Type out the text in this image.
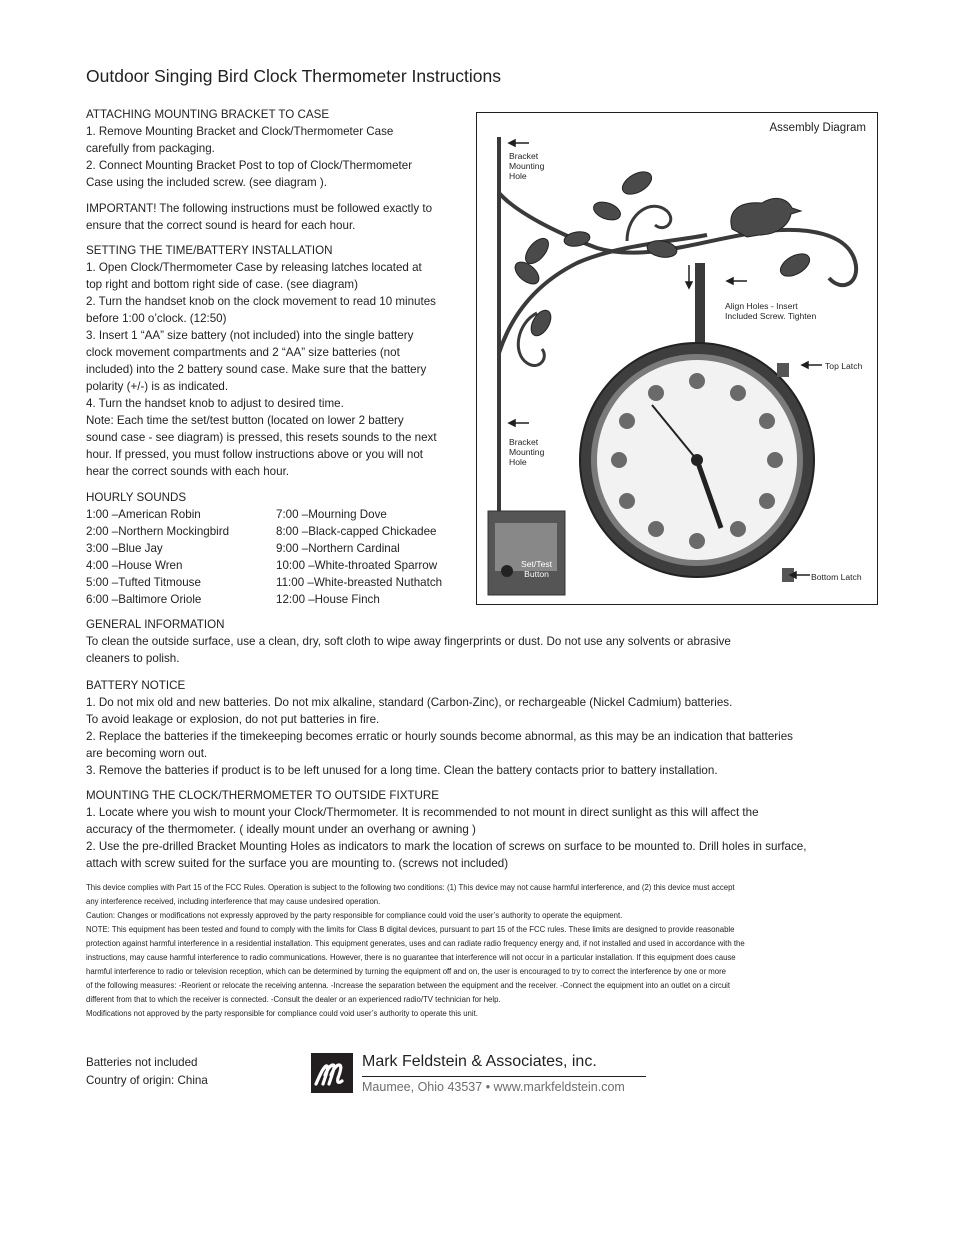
Outdoor Singing Bird Clock Thermometer Instructions
ATTACHING MOUNTING BRACKET TO CASE

1. Remove Mounting Bracket and Clock/Thermometer Case

carefully from packaging.

2. Connect Mounting Bracket Post to top of Clock/Thermometer

Case using the included screw. (see diagram ).

IMPORTANT! The following instructions must be followed exactly to

ensure that the correct sound is heard for each hour.

SETTING THE TIME/BATTERY INSTALLATION

1. Open Clock/Thermometer Case by releasing latches located at

top right and bottom right side of case. (see diagram)

2. Turn the handset knob on the clock movement to read 10 minutes

before 1:00 o’clock. (12:50)

3. Insert 1 “AA” size battery (not included) into the single battery

clock movement compartments and 2 “AA” size batteries (not

included) into the 2 battery sound case. Make sure that the battery

polarity (+/-) is as indicated.

4. Turn the handset knob to adjust to desired time.

Note: Each time the set/test button (located on lower 2 battery

sound case - see diagram) is pressed, this resets sounds to the next

hour. If pressed, you must follow instructions above or you will not

hear the correct sounds with each hour.

HOURLY SOUNDS

1:00 –American Robin

2:00 –Northern Mockingbird

3:00 –Blue Jay

4:00 –House Wren

5:00 –Tufted Titmouse

6:00 –Baltimore Oriole

7:00 –Mourning Dove

8:00 –Black-capped Chickadee

9:00 –Northern Cardinal

10:00 –White-throated Sparrow

11:00 –White-breasted Nuthatch

12:00 –House Finch

GENERAL INFORMATION

To clean the outside surface, use a clean, dry, soft cloth to wipe away fingerprints or dust. Do not use any solvents or abrasive

cleaners to polish.

BATTERY NOTICE

1. Do not mix old and new batteries. Do not mix alkaline, standard (Carbon-Zinc), or rechargeable (Nickel Cadmium) batteries.

To avoid leakage or explosion, do not put batteries in fire.

2. Replace the batteries if the timekeeping becomes erratic or hourly sounds become abnormal, as this may be an indication that batteries

are becoming worn out.

3. Remove the batteries if product is to be left unused for a long time. Clean the battery contacts prior to battery installation.

MOUNTING THE CLOCK/THERMOMETER TO OUTSIDE FIXTURE

1. Locate where you wish to mount your Clock/Thermometer. It is recommended to not mount in direct sunlight as this will affect the

accuracy of the thermometer. ( ideally mount under an overhang or awning )

2. Use the pre-drilled Bracket Mounting Holes as indicators to mark the location of screws on surface to be mounted to. Drill holes in surface,

attach with screw suited for the surface you are mounting to. (screws not included)

This device complies with Part 15 of the FCC Rules. Operation is subject to the following two conditions: (1) This device may not cause harmful interference, and (2) this device must accept

any interference received, including interference that may cause undesired operation.

Caution: Changes or modifications not expressly approved by the party responsible for compliance could void the user’s authority to operate the equipment.

NOTE: This equipment has been tested and found to comply with the limits for Class B digital devices, pursuant to part 15 of the FCC rules. These limits are designed to provide reasonable

protection against harmful interference in a residential installation. This equipment generates, uses and can radiate radio frequency energy and, if not installed and used in accordance with the

instructions, may cause harmful interference to radio communications. However, there is no guarantee that interference will not occur in a particular installation. If this equipment does cause

harmful interference to radio or television reception, which can be determined by turning the equipment off and on, the user is encouraged to try to correct the interference by one or more

of the following measures: -Reorient or relocate the receiving antenna. -Increase the separation between the equipment and the receiver. -Connect the equipment into an outlet on a circuit

different from that to which the receiver is connected. -Consult the dealer or an experienced radio/TV technician for help.

Modifications not approved by the party responsible for compliance could void user’s authority to operate this unit.

Batteries not included
Country of origin: China
Mark Feldstein & Associates, inc.
Maumee, Ohio 43537 • www.markfeldstein.com
Assembly Diagram
Bracket
Mounting
Hole
Bracket
Mounting
Hole
Align Holes - Insert
Included Screw. Tighten
Top Latch
Bottom Latch
Set/Test
Button
